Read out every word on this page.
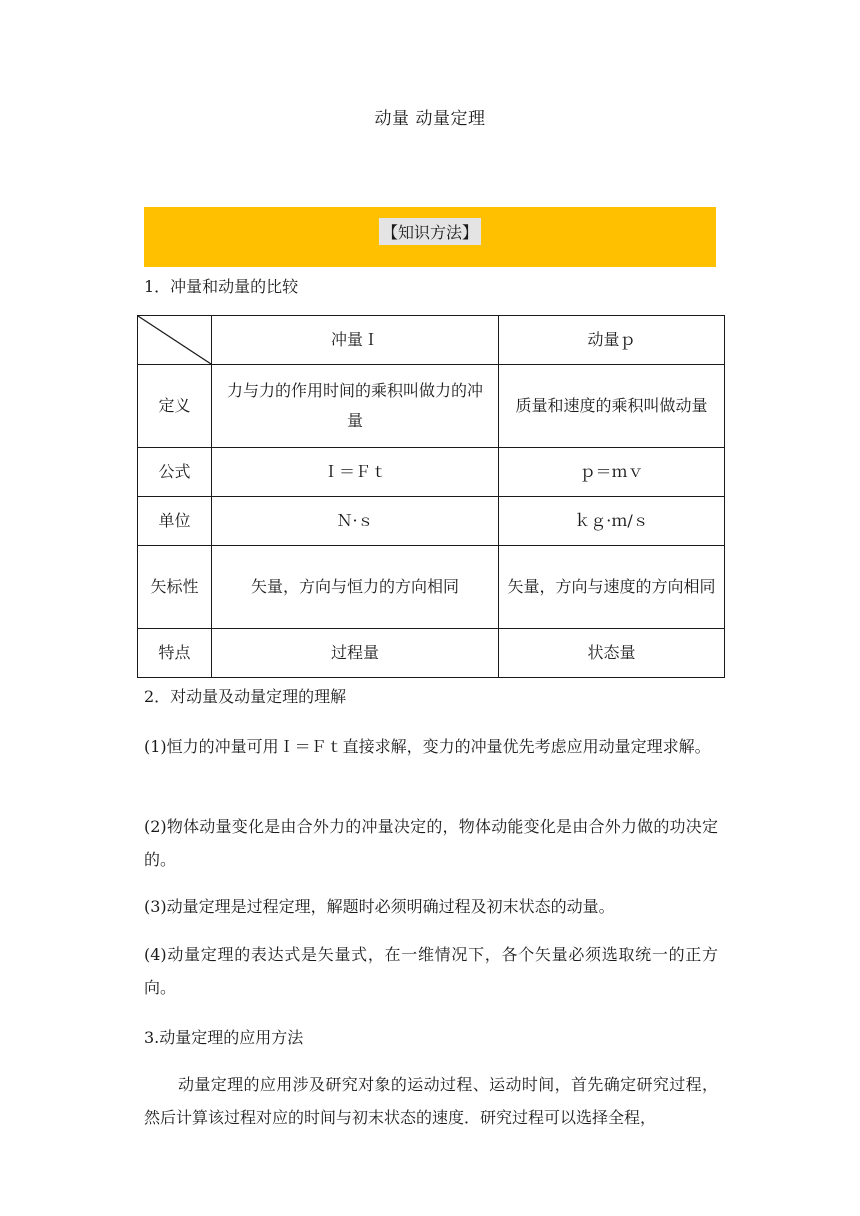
动量 动量定理
【知识方法】
1．冲量和动量的比较
	冲量Ｉ	动量ｐ
定义	力与力的作用时间的乘积叫做力的冲量	质量和速度的乘积叫做动量
公式	Ｉ＝Ｆｔ	ｐ＝ｍｖ
单位	Ｎ·ｓ	ｋｇ·ｍ/ｓ
矢标性	矢量，方向与恒力的方向相同	矢量，方向与速度的方向相同
特点	过程量	状态量
2．对动量及动量定理的理解
(1)恒力的冲量可用Ｉ＝Ｆｔ直接求解，变力的冲量优先考虑应用动量定理求解。
(2)物体动量变化是由合外力的冲量决定的，物体动能变化是由合外力做的功决定的。
(3)动量定理是过程定理，解题时必须明确过程及初末状态的动量。
(4)动量定理的表达式是矢量式，在一维情况下，各个矢量必须选取统一的正方向。
3.动量定理的应用方法
动量定理的应用涉及研究对象的运动过程、运动时间，首先确定研究过程，然后计算该过程对应的时间与初末状态的速度．研究过程可以选择全程，
